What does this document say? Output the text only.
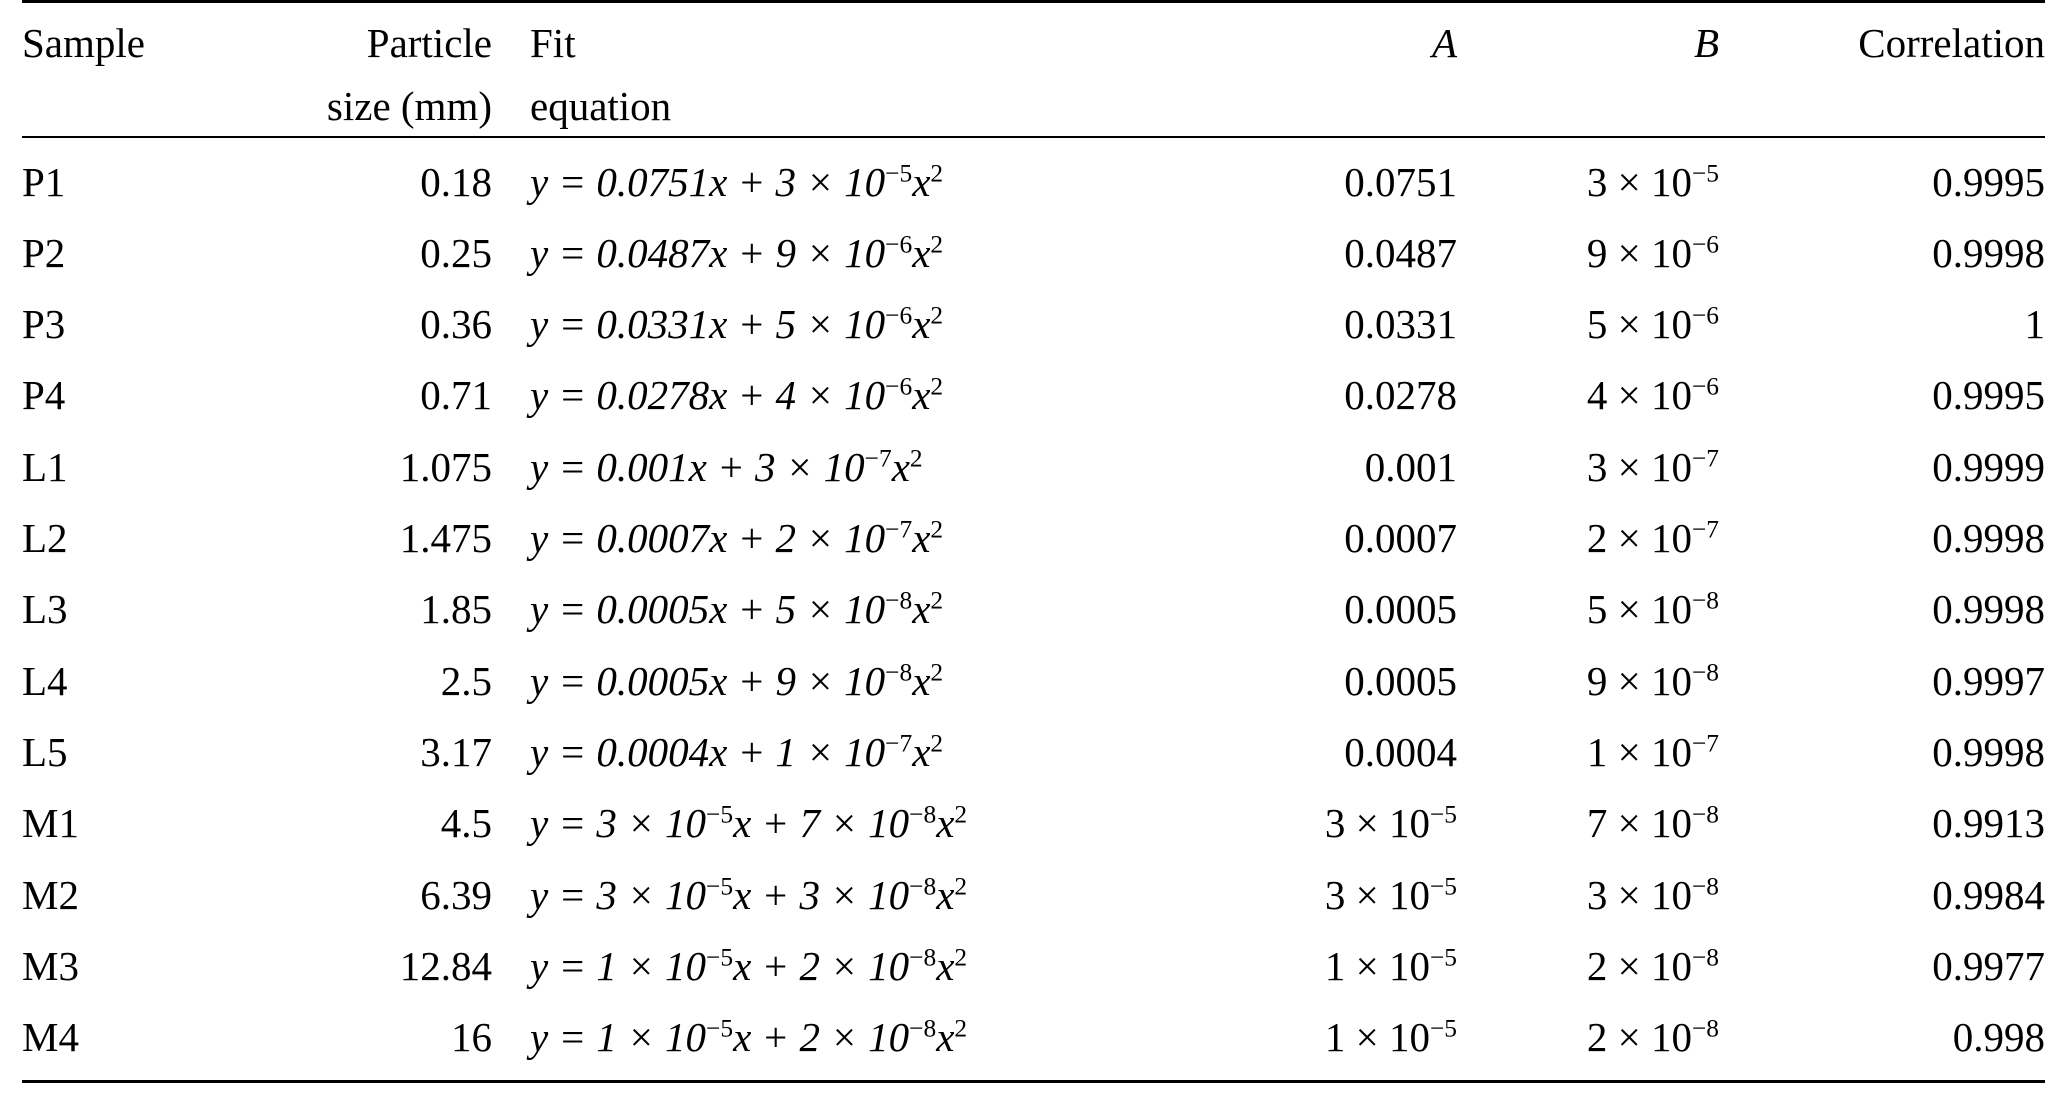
Sample	Particle	Fit	A	B	Correlation
	size (mm)	equation			
P1	0.18	$y = 0.0751x + 3 \times 10^{-5}x^2$	0.0751	$3 \times 10^{-5}$	0.9995
P2	0.25	$y = 0.0487x + 9 \times 10^{-6}x^2$	0.0487	$9 \times 10^{-6}$	0.9998
P3	0.36	$y = 0.0331x + 5 \times 10^{-6}x^2$	0.0331	$5 \times 10^{-6}$	1
P4	0.71	$y = 0.0278x + 4 \times 10^{-6}x^2$	0.0278	$4 \times 10^{-6}$	0.9995
L1	1.075	$y = 0.001x + 3 \times 10^{-7}x^2$	0.001	$3 \times 10^{-7}$	0.9999
L2	1.475	$y = 0.0007x + 2 \times 10^{-7}x^2$	0.0007	$2 \times 10^{-7}$	0.9998
L3	1.85	$y = 0.0005x + 5 \times 10^{-8}x^2$	0.0005	$5 \times 10^{-8}$	0.9998
L4	2.5	$y = 0.0005x + 9 \times 10^{-8}x^2$	0.0005	$9 \times 10^{-8}$	0.9997
L5	3.17	$y = 0.0004x + 1 \times 10^{-7}x^2$	0.0004	$1 \times 10^{-7}$	0.9998
M1	4.5	$y = 3 \times 10^{-5}x + 7 \times 10^{-8}x^2$	$3 \times 10^{-5}$	$7 \times 10^{-8}$	0.9913
M2	6.39	$y = 3 \times 10^{-5}x + 3 \times 10^{-8}x^2$	$3 \times 10^{-5}$	$3 \times 10^{-8}$	0.9984
M3	12.84	$y = 1 \times 10^{-5}x + 2 \times 10^{-8}x^2$	$1 \times 10^{-5}$	$2 \times 10^{-8}$	0.9977
M4	16	$y = 1 \times 10^{-5}x + 2 \times 10^{-8}x^2$	$1 \times 10^{-5}$	$2 \times 10^{-8}$	0.998
